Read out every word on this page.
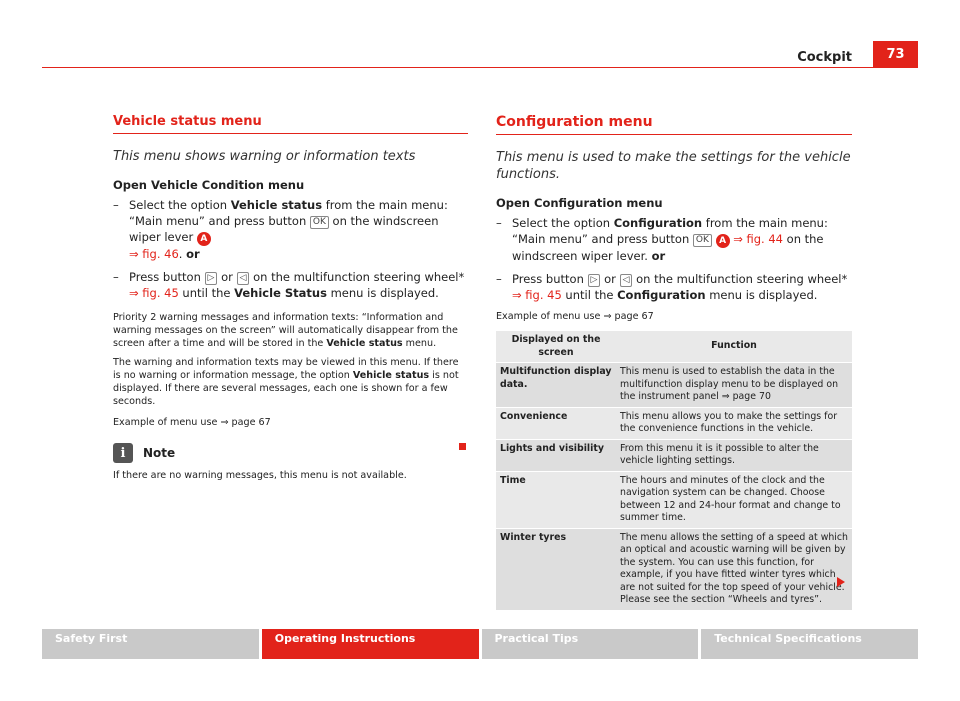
Cockpit	73
Vehicle status menu
This menu shows warning or information texts
Open Vehicle Condition menu
– Select the option Vehicle status from the main menu: “Main menu” and press button OK on the windscreen wiper lever A
⇒ fig. 46. or
– Press button ▷ or ◁ on the multifunction steering wheel*
⇒ fig. 45 until the Vehicle Status menu is displayed.

Priority 2 warning messages and information texts: “Information and warning messages on the screen” will automatically disappear from the screen after a time and will be stored in the Vehicle status menu.

The warning and information texts may be viewed in this menu. If there is no warning or information message, the option Vehicle status is not displayed. If there are several messages, each one is shown for a few seconds.

Example of menu use ⇒ page 67

i	Note
If there are no warning messages, this menu is not available.
Configuration menu
This menu is used to make the settings for the vehicle functions.
Open Configuration menu
– Select the option Configuration from the main menu: “Main menu” and press button OK A ⇒ fig. 44 on the windscreen wiper lever. or
– Press button ▷ or ◁ on the multifunction steering wheel*
⇒ fig. 45 until the Configuration menu is displayed.

Example of menu use ⇒ page 67

Displayed on the screen	Function
Multifunction display data.	This menu is used to establish the data in the multifunction display menu to be displayed on the instrument panel ⇒ page 70
Convenience	This menu allows you to make the settings for the convenience functions in the vehicle.
Lights and visibility	From this menu it is it possible to alter the vehicle lighting settings.
Time	The hours and minutes of the clock and the navigation system can be changed. Choose between 12 and 24-hour format and change to summer time.
Winter tyres	The menu allows the setting of a speed at which an optical and acoustic warning will be given by the system. You can use this function, for example, if you have fitted winter tyres which are not suited for the top speed of your vehicle. Please see the section “Wheels and tyres”.
Safety First	Operating Instructions	Practical Tips	Technical Specifications
